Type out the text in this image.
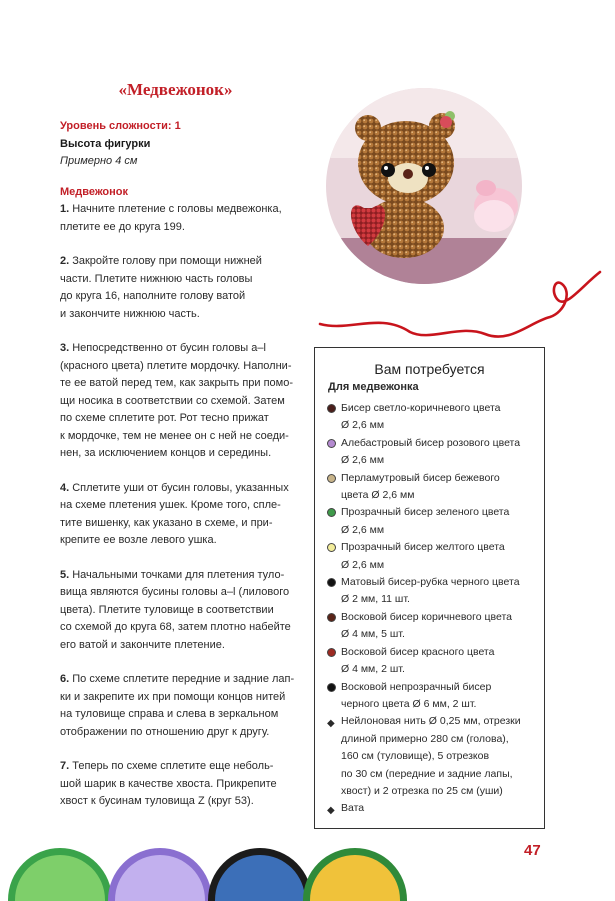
«Медвежонок»
Уровень сложности: 1
Высота фигурки
Примерно 4 см
Медвежонок
1. Начните плетение с головы медвежонка,
плетите ее до круга 199.
2. Закройте голову при помощи нижней
части. Плетите нижнюю часть головы
до круга 16, наполните голову ватой
и закончите нижнюю часть.
3. Непосредственно от бусин головы a–l
(красного цвета) плетите мордочку. Наполни-
те ее ватой перед тем, как закрыть при помо-
щи носика в соответствии со схемой. Затем
по схеме сплетите рот. Рот тесно прижат
к мордочке, тем не менее он с ней не соеди-
нен, за исключением концов и середины.
4. Сплетите уши от бусин головы, указанных
на схеме плетения ушек. Кроме того, спле-
тите вишенку, как указано в схеме, и при-
крепите ее возле левого ушка.
5. Начальными точками для плетения туло-
вища являются бусины головы a–l (лилового
цвета). Плетите туловище в соответствии
со схемой до круга 68, затем плотно набейте
его ватой и закончите плетение.
6. По схеме сплетите передние и задние лап-
ки и закрепите их при помощи концов нитей
на туловище справа и слева в зеркальном
отображении по отношению друг к другу.
7. Теперь по схеме сплетите еще неболь-
шой шарик в качестве хвоста. Прикрепите
хвост к бусинам туловища Z (круг 53).
Вам потребуется
Для медвежонка
Бисер светло-коричневого цвета
Ø 2,6 мм
Алебастровый бисер розового цвета
Ø 2,6 мм
Перламутровый бисер бежевого
цвета Ø 2,6 мм
Прозрачный бисер зеленого цвета
Ø 2,6 мм
Прозрачный бисер желтого цвета
Ø 2,6 мм
Матовый бисер-рубка черного цвета
Ø 2 мм, 11 шт.
Восковой бисер коричневого цвета
Ø 4 мм, 5 шт.
Восковой бисер красного цвета
Ø 4 мм, 2 шт.
Восковой непрозрачный бисер
черного цвета Ø 6 мм, 2 шт.
◆ Нейлоновая нить Ø 0,25 мм, отрезки
длиной примерно 280 см (голова),
160 см (туловище), 5 отрезков
по 30 см (передние и задние лапы,
хвост) и 2 отрезка по 25 см (уши)
◆ Вата
47
